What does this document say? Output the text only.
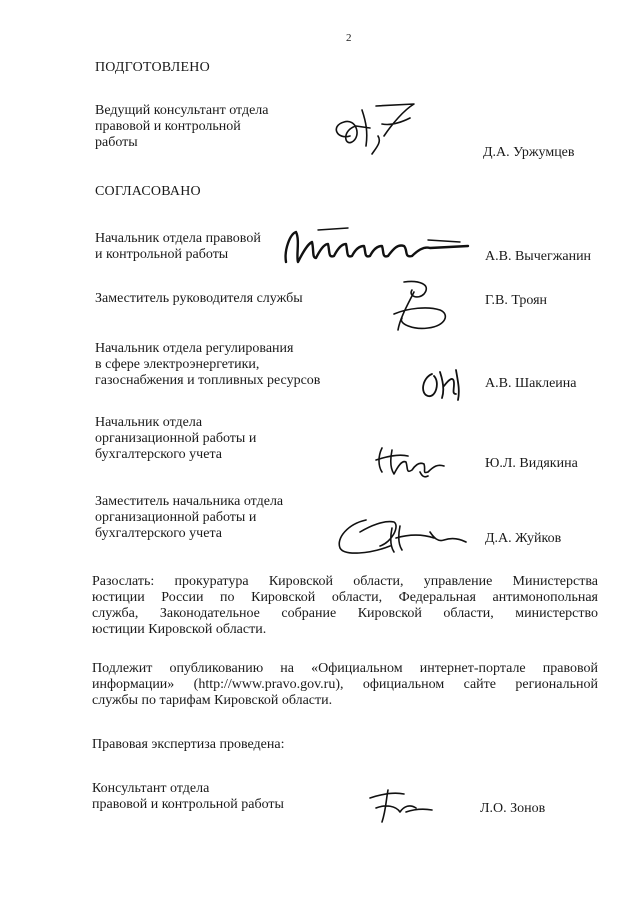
2
ПОДГОТОВЛЕНО
Ведущий консультант отдела
правовой и контрольной
работы
Д.А. Уржумцев
СОГЛАСОВАНО
Начальник отдела правовой
и контрольной работы	А.В. Вычегжанин
Заместитель руководителя службы	Г.В. Троян
Начальник отдела регулирования
в сфере электроэнергетики,
газоснабжения и топливных ресурсов	А.В. Шаклеина
Начальник отдела
организационной работы и
бухгалтерского учета
Ю.Л. Видякина
Заместитель начальника отдела
организационной работы и
бухгалтерского учета	Д.А. Жуйков
Разослать: прокуратура Кировской области, управление Министерства
юстиции России по Кировской области, Федеральная антимонопольная
служба, Законодательное собрание Кировской области, министерство
юстиции Кировской области.
Подлежит опубликованию на «Официальном интернет-портале правовой
информации» (http://www.pravo.gov.ru), официальном сайте региональной
службы по тарифам Кировской области.
Правовая экспертиза проведена:
Консультант отдела
правовой и контрольной работы	Л.О. Зонов
